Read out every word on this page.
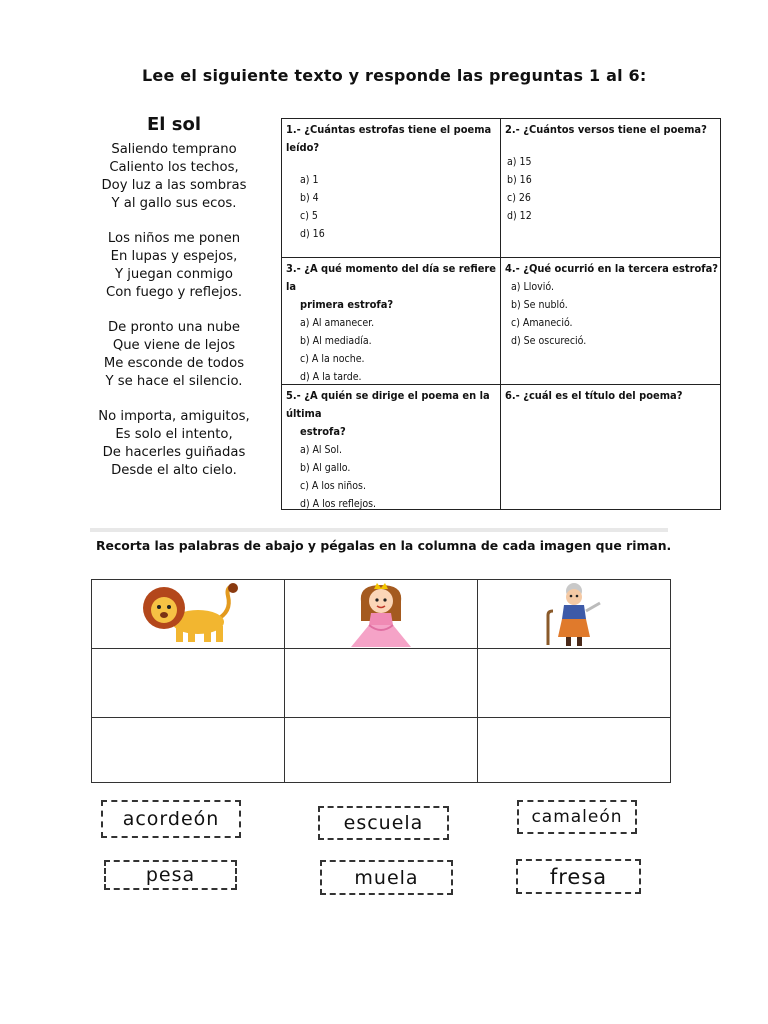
Lee el siguiente texto y responde las preguntas 1 al 6:
El sol
Saliendo temprano
Caliento los techos,
Doy luz a las sombras
Y al gallo sus ecos.
Los niños me ponen
En lupas y espejos,
Y juegan conmigo
Con fuego y reflejos.
De pronto una nube
Que viene de lejos
Me esconde de todos
Y se hace el silencio.
No importa, amiguitos,
Es solo el intento,
De hacerles guiñadas
Desde el alto cielo.
1.- ¿Cuántas estrofas tiene el poema leído?
a) 1
b) 4
c) 5
d) 16
2.- ¿Cuántos versos tiene el poema?
a) 15
b) 16
c) 26
d) 12
3.- ¿A qué momento del día se refiere la
primera estrofa?
a) Al amanecer.
b) Al mediadía.
c) A la noche.
d) A la tarde.
4.- ¿Qué ocurrió en la tercera estrofa?
a) Llovió.
b) Se nubló.
c) Amaneció.
d) Se oscureció.
5.- ¿A quién se dirige el poema en la última
estrofa?
a) Al Sol.
b) Al gallo.
c) A los niños.
d) A los reflejos.
6.- ¿cuál es el título del poema?
Recorta las palabras de abajo y pégalas en la columna de cada imagen que riman.
acordeón	escuela	camaleón
pesa	muela	fresa
